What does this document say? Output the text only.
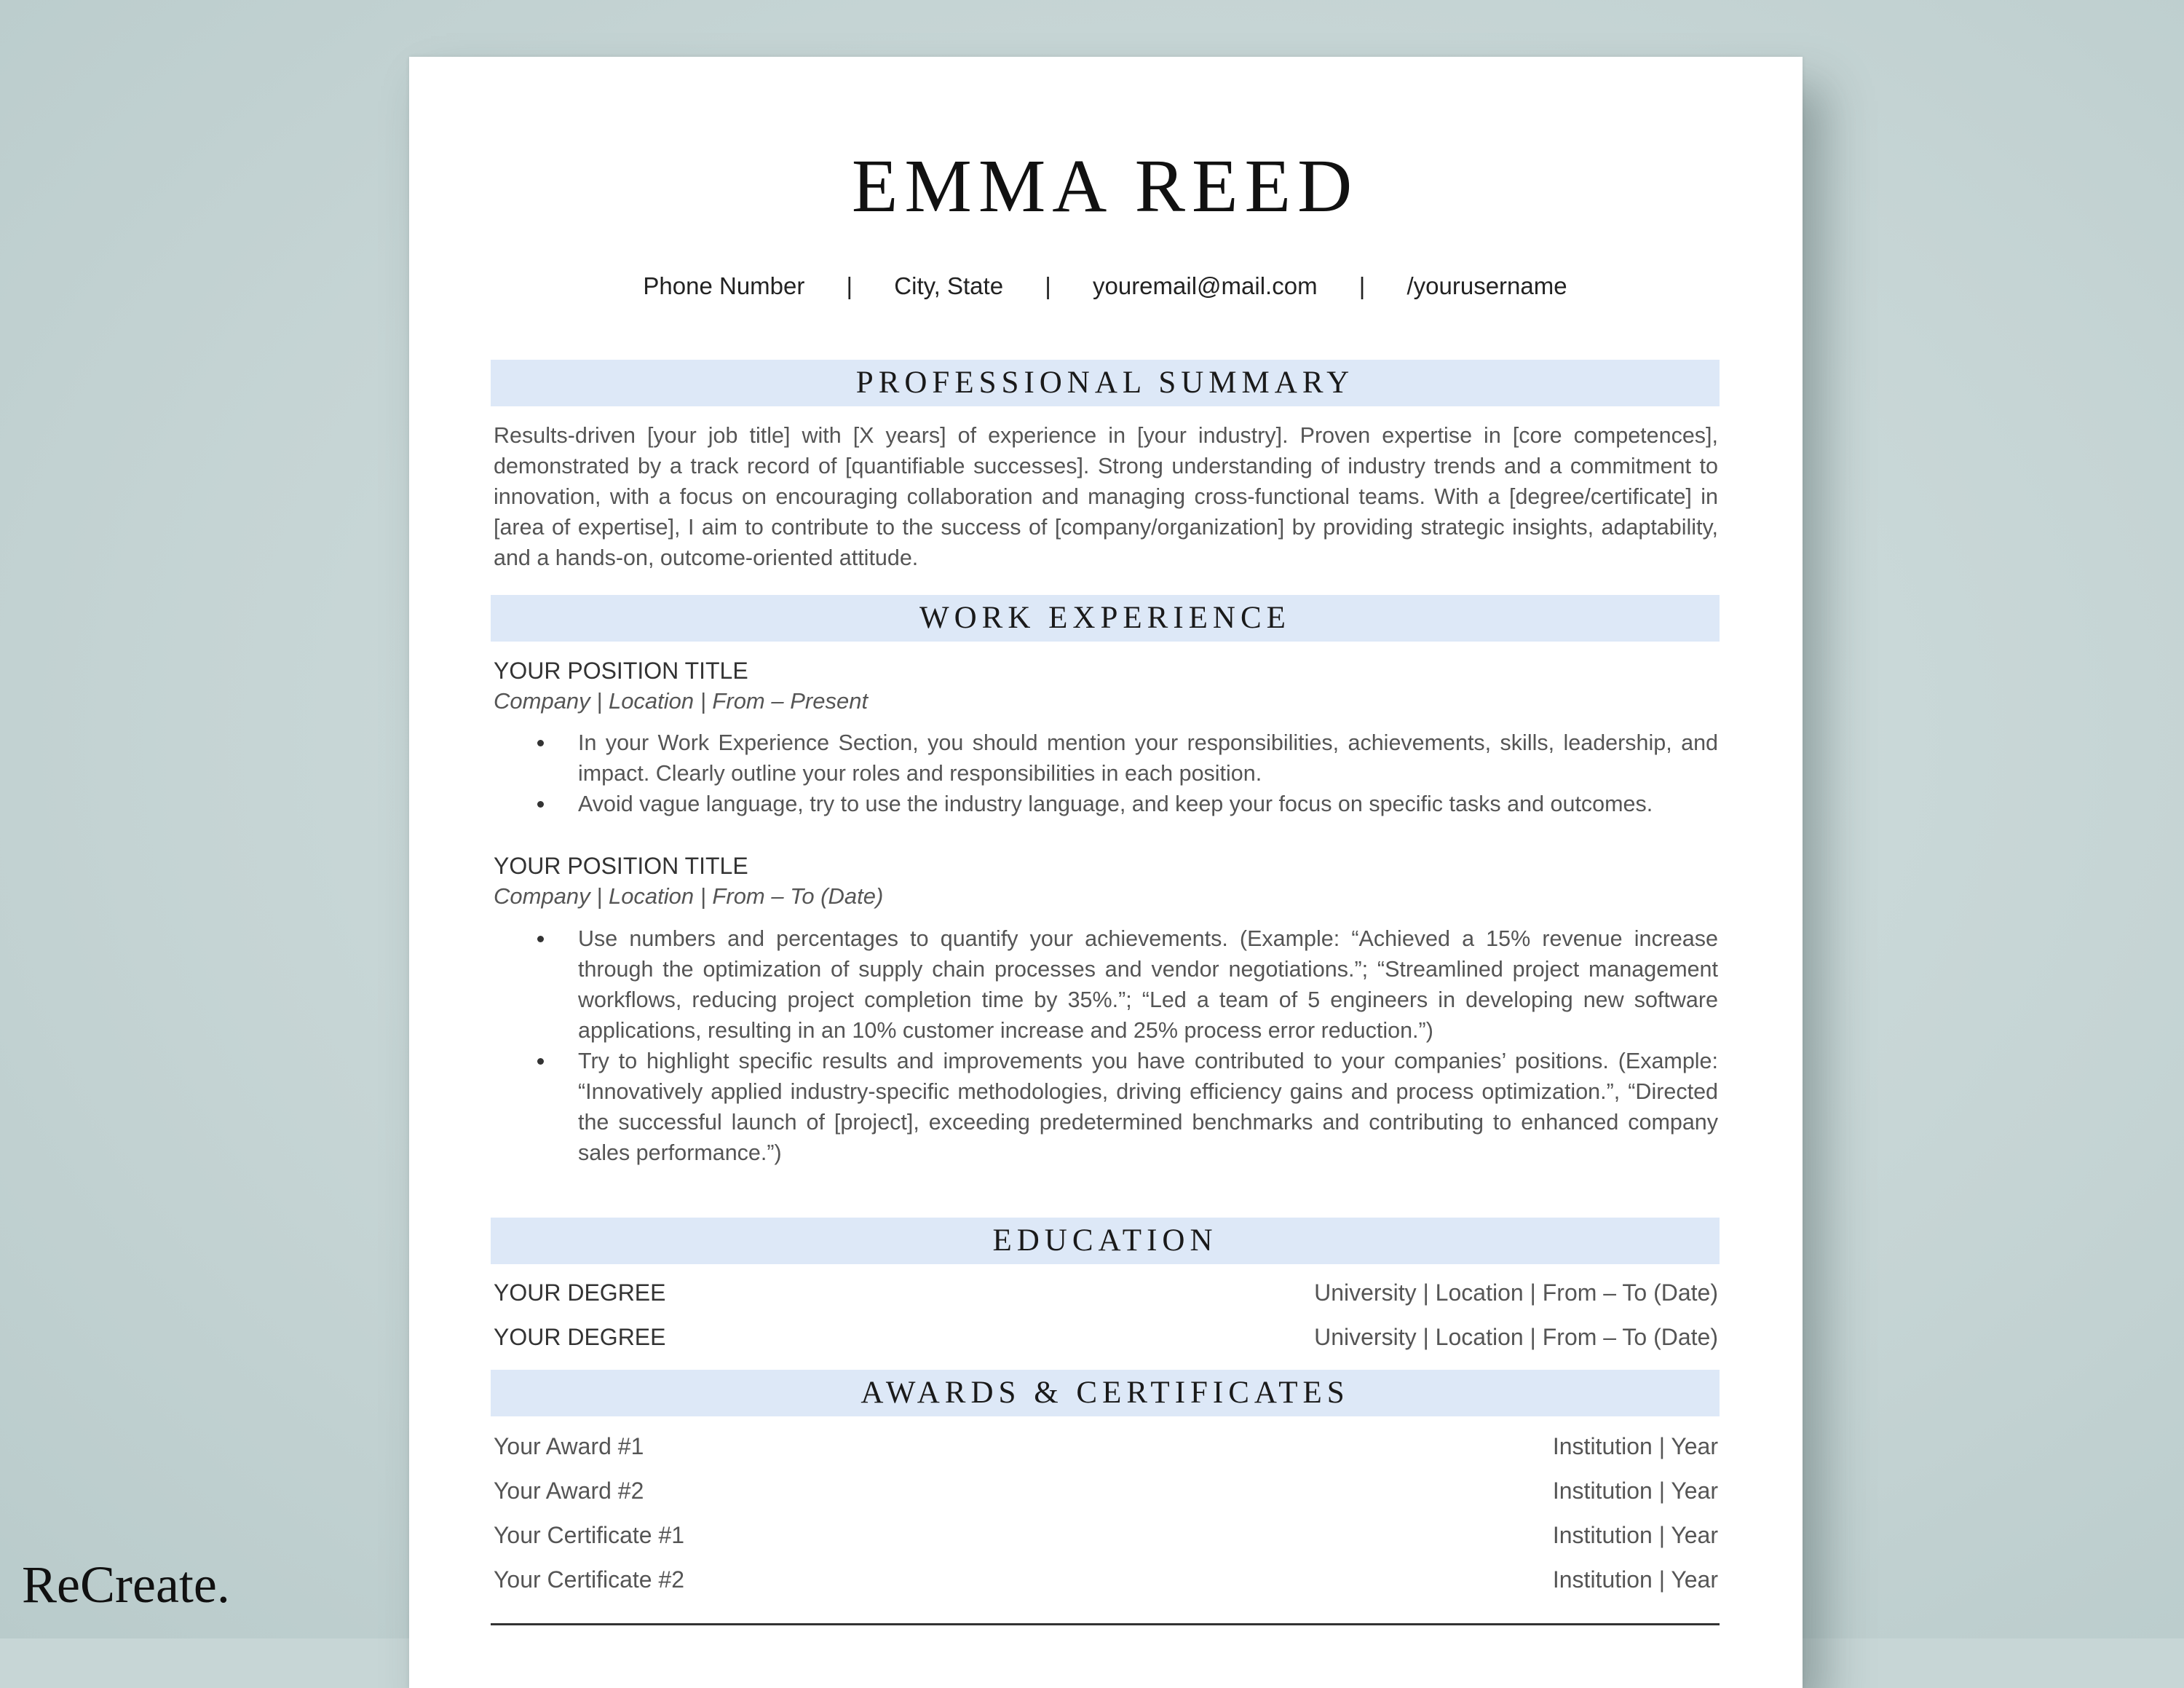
EMMA REED
Phone Number | City, State | youremail@mail.com | /yourusername
PROFESSIONAL SUMMARY
Results-driven [your job title] with [X years] of experience in [your industry]. Proven expertise in [core competences], demonstrated by a track record of [quantifiable successes]. Strong understanding of industry trends and a commitment to innovation, with a focus on encouraging collaboration and managing cross-functional teams. With a [degree/certificate] in [area of expertise], I aim to contribute to the success of [company/organization] by providing strategic insights, adaptability, and a hands-on, outcome-oriented attitude.
WORK EXPERIENCE
YOUR POSITION TITLE
Company | Location | From – Present
In your Work Experience Section, you should mention your responsibilities, achievements, skills, leadership, and impact. Clearly outline your roles and responsibilities in each position.
Avoid vague language, try to use the industry language, and keep your focus on specific tasks and outcomes.
YOUR POSITION TITLE
Company | Location | From – To (Date)
Use numbers and percentages to quantify your achievements. (Example: “Achieved a 15% revenue increase through the optimization of supply chain processes and vendor negotiations.”; “Streamlined project management workflows, reducing project completion time by 35%.”; “Led a team of 5 engineers in developing new software applications, resulting in an 10% customer increase and 25% process error reduction.”)
Try to highlight specific results and improvements you have contributed to your companies’ positions. (Example: “Innovatively applied industry-specific methodologies, driving efficiency gains and process optimization.”, “Directed the successful launch of [project], exceeding predetermined benchmarks and contributing to enhanced company sales performance.”)
EDUCATION
YOUR DEGREE	University | Location | From – To (Date)
YOUR DEGREE	University | Location | From – To (Date)
AWARDS & CERTIFICATES
Your Award #1	Institution | Year
Your Award #2	Institution | Year
Your Certificate #1	Institution | Year
Your Certificate #2	Institution | Year
ReCreate.
